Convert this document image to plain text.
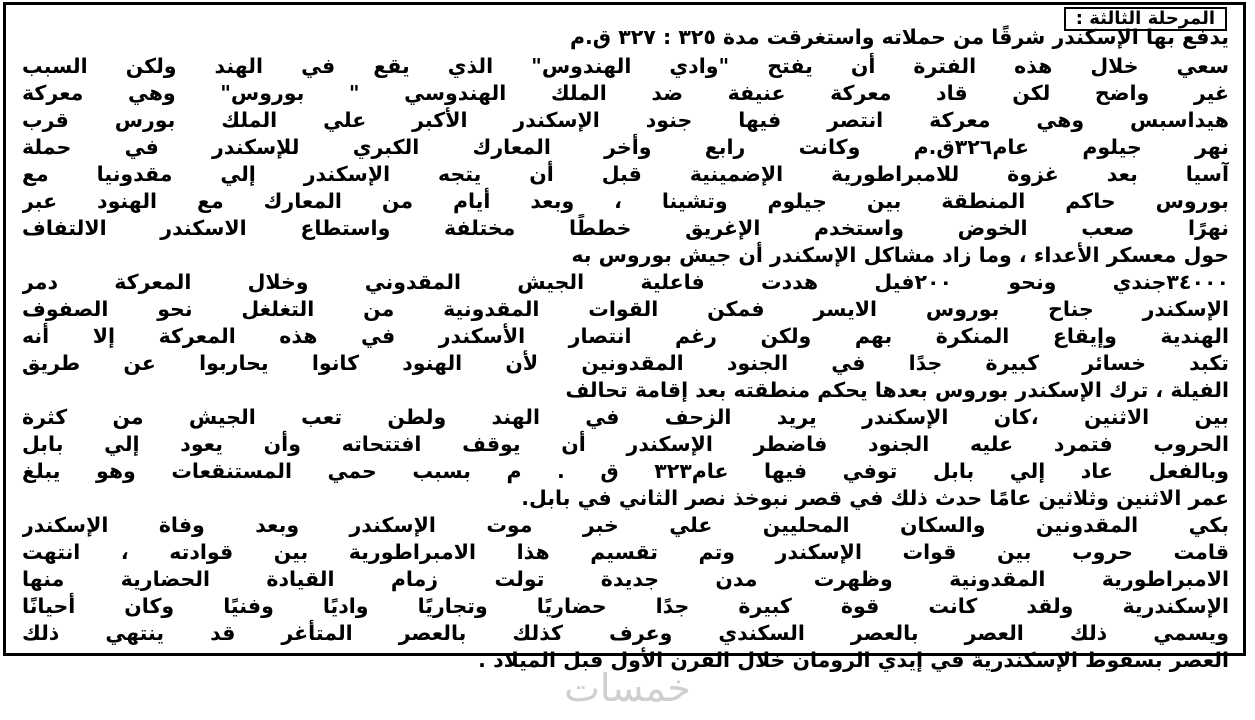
المرحلة الثالثة :
يدفع بها الإسكندر شرقًا من حملاته واستغرقت مدة ٣٢٥ : ٣٢٧ ق.م
سعي خلال هذه الفترة أن يفتح "وادي الهندوس" الذي يقع في الهند ولكن السبب
غير واضح لكن قاد معركة عنيفة ضد الملك الهندوسي " بوروس" وهي معركة
هيداسبس وهي معركة انتصر فيها جنود الإسكندر الأكبر علي الملك بورس قرب
نهر جيلوم عام٣٢٦ق.م وكانت رابع وأخر المعارك الكبري للإسكندر في حملة
آسيا بعد غزوة للامبراطورية الإضمينية قبل أن يتجه الإسكندر إلي مقدونيا مع
بوروس حاكم المنطقة بين جيلوم وتشينا ، وبعد أيام من المعارك مع الهنود عبر
نهرًا صعب الخوض واستخدم الإغريق خططًا مختلفة واستطاع الاسكندر الالتفاف
حول معسكر الأعداء ، وما زاد مشاكل الإسكندر أن جيش بوروس به
٣٤٠٠٠جندي ونحو ٢٠٠فيل هددت فاعلية الجيش المقدوني وخلال المعركة دمر
الإسكندر جناح بوروس الايسر فمكن القوات المقدونية من التغلغل نحو الصفوف
الهندية وإيقاع المنكرة بهم ولكن رغم انتصار الأسكندر في هذه المعركة إلا أنه
تكبد خسائر كبيرة جدًا في الجنود المقدونين لأن الهنود كانوا يحاربوا عن طريق
الفيلة ، ترك الإسكندر بوروس بعدها يحكم منطقته بعد إقامة تحالف
بين الاثنين ،كان الإسكندر يريد الزحف في الهند ولطن تعب الجيش من كثرة
الحروب فتمرد عليه الجنود فاضطر الإسكندر أن يوقف افتتحاته وأن يعود إلي بابل
وبالفعل عاد إلي بابل توفي فيها عام٣٢٣ ق . م بسبب حمي المستنقعات وهو يبلغ
عمر الاثنين وثلاثين عامًا حدث ذلك في قصر نبوخذ نصر الثاني في بابل.
بكي المقدونين والسكان المحليين علي خبر موت الإسكندر وبعد وفاة الإسكندر
قامت حروب بين قوات الإسكندر وتم تقسيم هذا الامبراطورية بين قوادته ، انتهت
الامبراطورية المقدونية وظهرت مدن جديدة تولت زمام القيادة الحضارية منها
الإسكندرية ولقد كانت قوة كبيرة جدًا حضاريًا وتجاريًا واديًا وفنيًا وكان أحيانًا
ويسمي ذلك العصر بالعصر السكندي وعرف كذلك بالعصر المتأغر قد ينتهي ذلك
العصر بسقوط الإسكندرية في إيدي الرومان خلال القرن الأول قبل الميلاد .
خمسات
